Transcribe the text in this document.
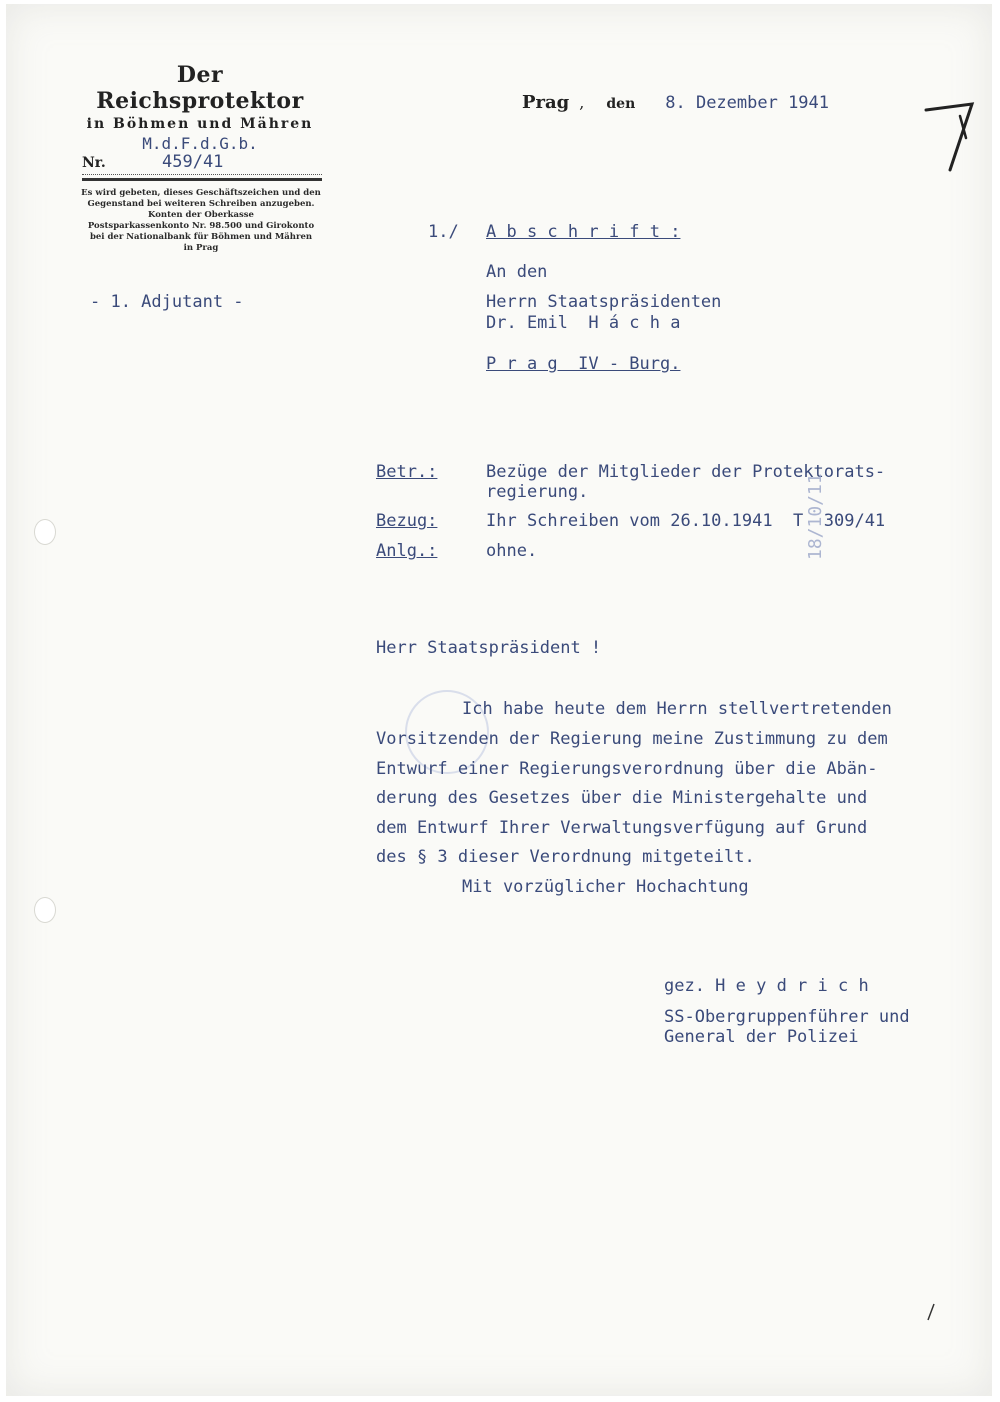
Der Reichsprotektor
in Böhmen und Mähren
M.d.F.d.G.b.
Nr.	459/41
Es wird gebeten, dieses Geschäftszeichen und den
Gegenstand bei weiteren Schreiben anzugeben.
Konten der Oberkasse
Postsparkassenkonto Nr. 98.500 und Girokonto
bei der Nationalbank für Böhmen und Mähren
in Prag
- 1. Adjutant -
Prag , den 8. Dezember 1941
1./ A b s c h r i f t :
An den
Herrn Staatspräsidenten
Dr. Emil  H á c h a
P r a g  IV - Burg.
Betr.:	Bezüge der Mitglieder der Protektorats-
regierung.
Bezug:	Ihr Schreiben vom 26.10.1941  T  309/41
Anlg.:	ohne.	18/10/11
Herr Staatspräsident !
Ich habe heute dem Herrn stellvertretenden
Vorsitzenden der Regierung meine Zustimmung zu dem
Entwurf einer Regierungsverordnung über die Abän-
derung des Gesetzes über die Ministergehalte und
dem Entwurf Ihrer Verwaltungsverfügung auf Grund
des § 3 dieser Verordnung mitgeteilt.
Mit vorzüglicher Hochachtung
gez. H e y d r i c h
SS-Obergruppenführer und
General der Polizei
